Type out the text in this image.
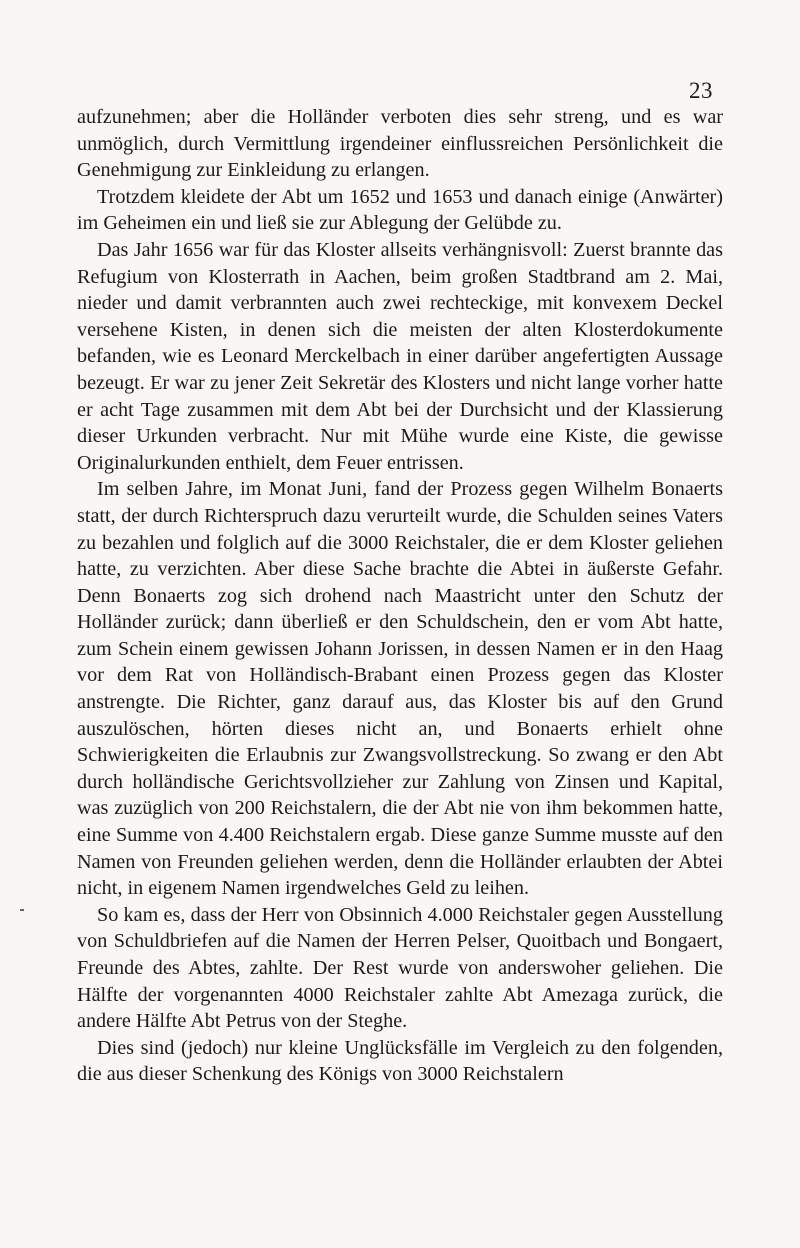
23

aufzunehmen; aber die Holländer verboten dies sehr streng, und es war unmöglich, durch Vermittlung irgendeiner einflussreichen Persönlichkeit die Genehmigung zur Einkleidung zu erlangen.

Trotzdem kleidete der Abt um 1652 und 1653 und danach einige (Anwärter) im Geheimen ein und ließ sie zur Ablegung der Gelübde zu.

Das Jahr 1656 war für das Kloster allseits verhängnisvoll: Zuerst brannte das Refugium von Klosterrath in Aachen, beim großen Stadtbrand am 2. Mai, nieder und damit verbrannten auch zwei rechteckige, mit konvexem Deckel versehene Kisten, in denen sich die meisten der alten Klosterdokumente befanden, wie es Leonard Merckelbach in einer darüber angefertigten Aussage bezeugt. Er war zu jener Zeit Sekretär des Klosters und nicht lange vorher hatte er acht Tage zusammen mit dem Abt bei der Durchsicht und der Klassierung dieser Urkunden verbracht. Nur mit Mühe wurde eine Kiste, die gewisse Originalurkunden enthielt, dem Feuer entrissen.

Im selben Jahre, im Monat Juni, fand der Prozess gegen Wilhelm Bonaerts statt, der durch Richterspruch dazu verurteilt wurde, die Schulden seines Vaters zu bezahlen und folglich auf die 3000 Reichstaler, die er dem Kloster geliehen hatte, zu verzichten. Aber diese Sache brachte die Abtei in äußerste Gefahr. Denn Bonaerts zog sich drohend nach Maastricht unter den Schutz der Holländer zurück; dann überließ er den Schuldschein, den er vom Abt hatte, zum Schein einem gewissen Johann Jorissen, in dessen Namen er in den Haag vor dem Rat von Holländisch-Brabant einen Prozess gegen das Kloster anstrengte. Die Richter, ganz darauf aus, das Kloster bis auf den Grund auszulöschen, hörten dieses nicht an, und Bonaerts erhielt ohne Schwierigkeiten die Erlaubnis zur Zwangsvollstreckung. So zwang er den Abt durch holländische Gerichtsvollzieher zur Zahlung von Zinsen und Kapital, was zuzüglich von 200 Reichstalern, die der Abt nie von ihm bekommen hatte, eine Summe von 4.400 Reichstalern ergab. Diese ganze Summe musste auf den Namen von Freunden geliehen werden, denn die Holländer erlaubten der Abtei nicht, in eigenem Namen irgendwelches Geld zu leihen.

So kam es, dass der Herr von Obsinnich 4.000 Reichstaler gegen Ausstellung von Schuldbriefen auf die Namen der Herren Pelser, Quoitbach und Bongaert, Freunde des Abtes, zahlte. Der Rest wurde von anderswoher geliehen. Die Hälfte der vorgenannten 4000 Reichstaler zahlte Abt Amezaga zurück, die andere Hälfte Abt Petrus von der Steghe.

Dies sind (jedoch) nur kleine Unglücksfälle im Vergleich zu den folgenden, die aus dieser Schenkung des Königs von 3000 Reichstalern
